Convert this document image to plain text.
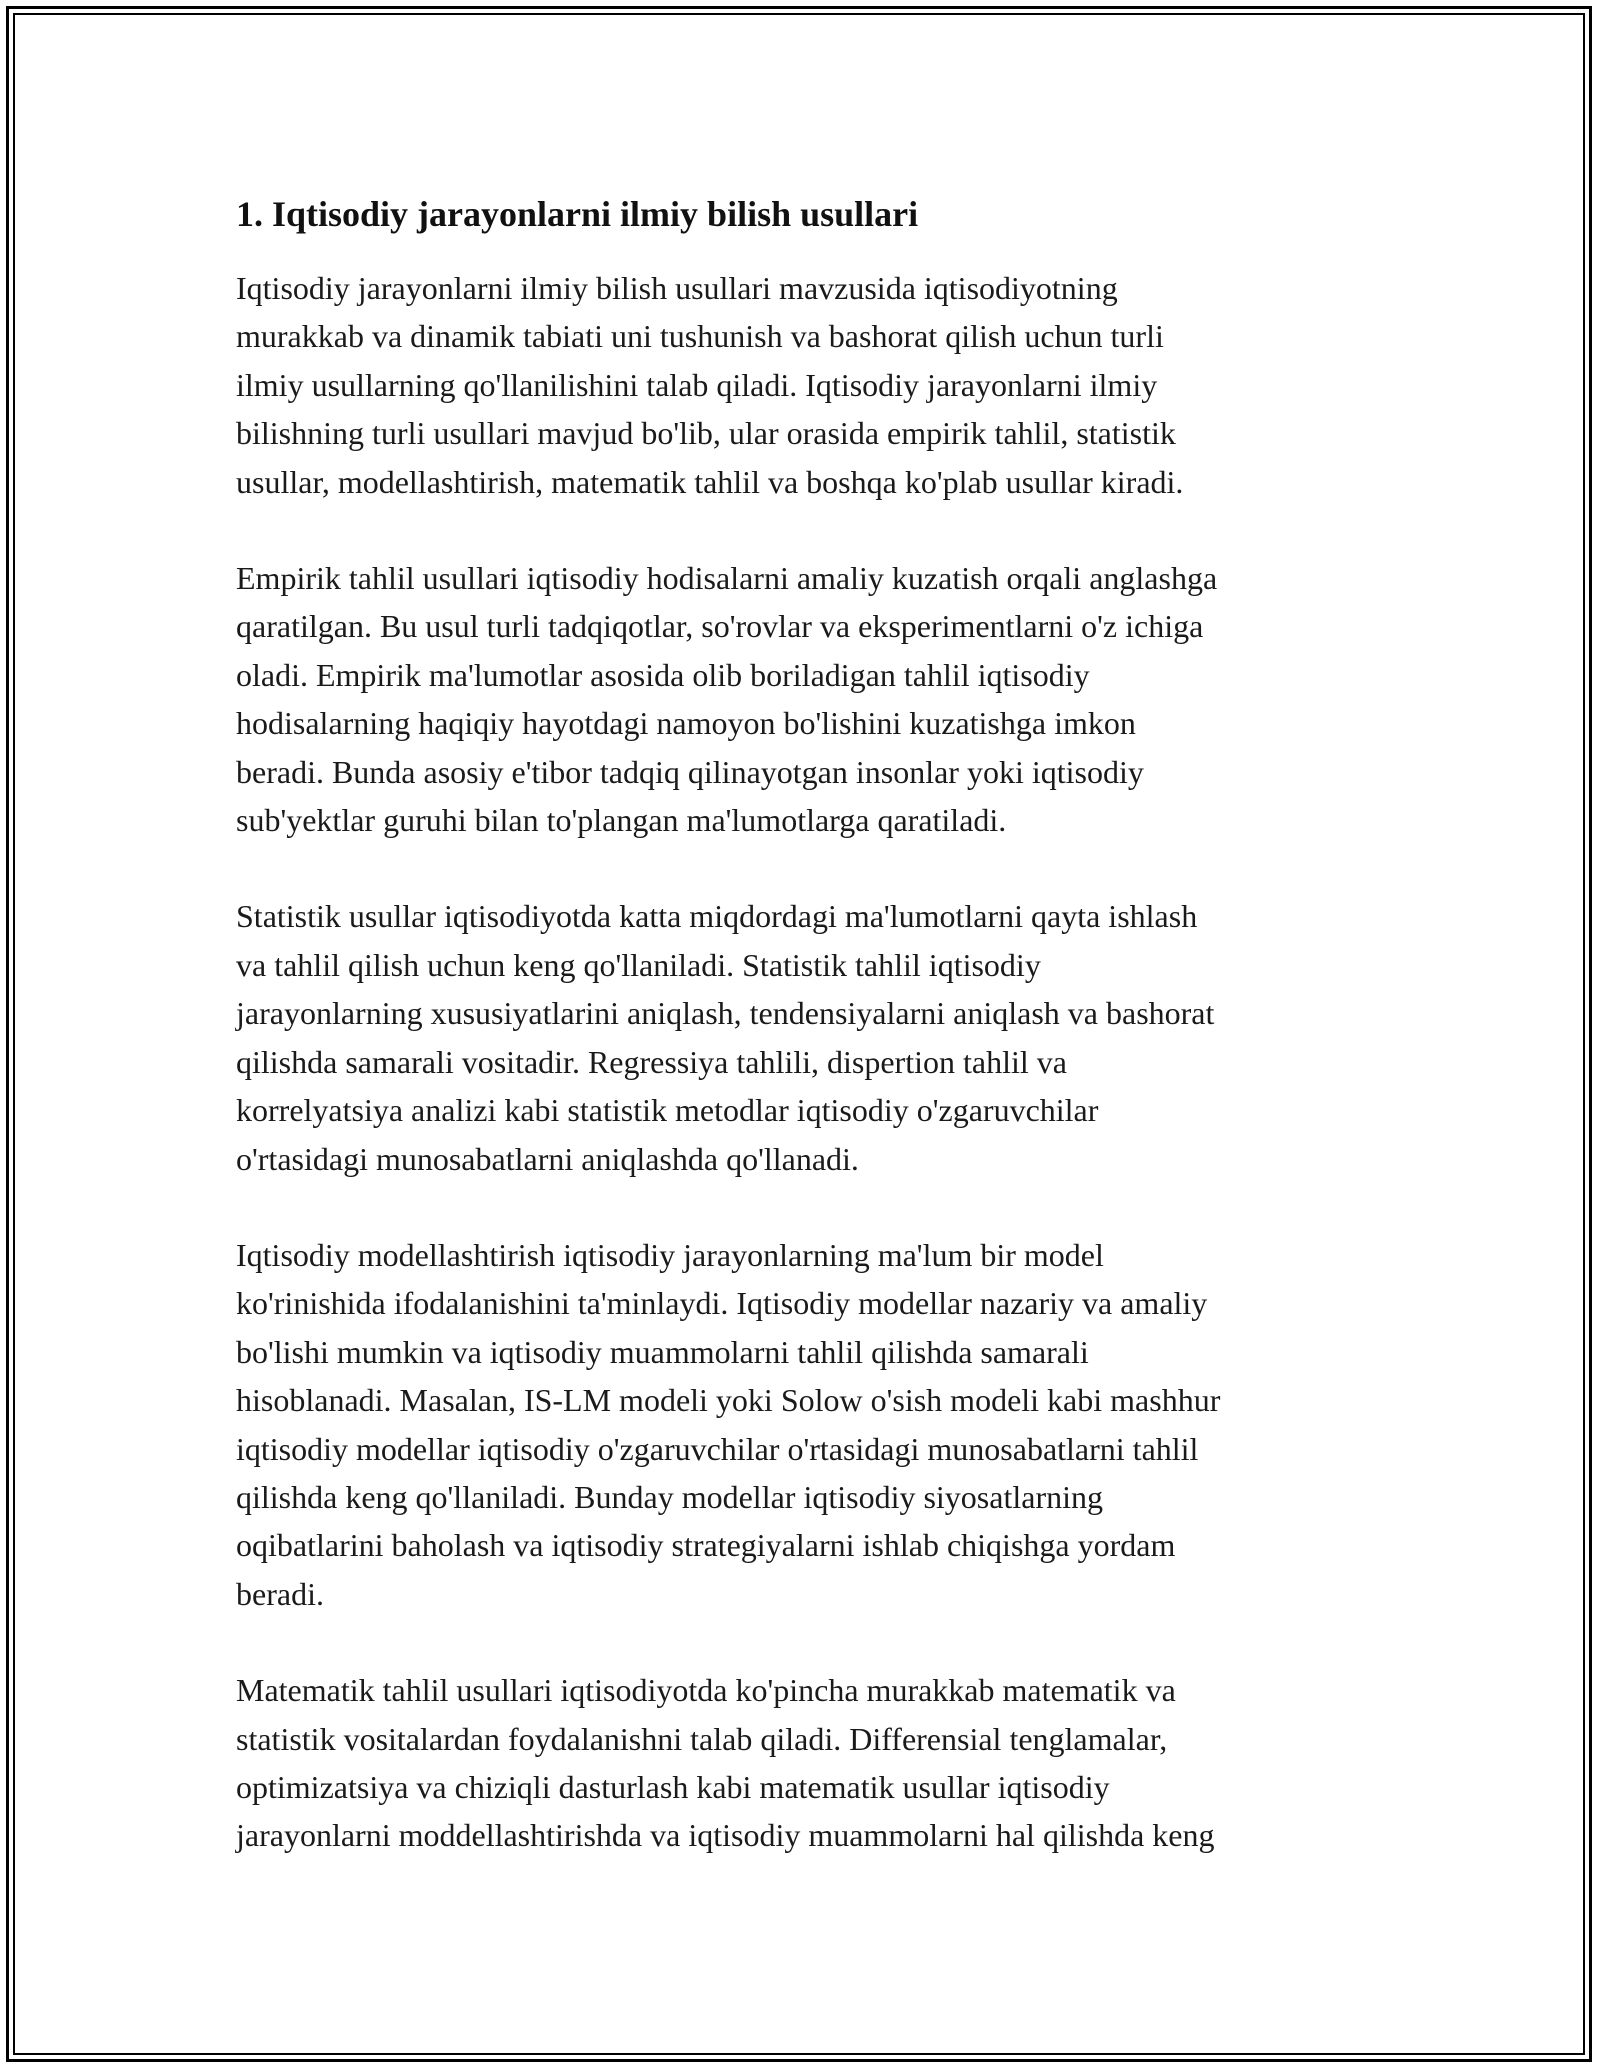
1. Iqtisodiy jarayonlarni ilmiy bilish usullari

Iqtisodiy jarayonlarni ilmiy bilish usullari mavzusida iqtisodiyotning
murakkab va dinamik tabiati uni tushunish va bashorat qilish uchun turli
ilmiy usullarning qo'llanilishini talab qiladi. Iqtisodiy jarayonlarni ilmiy
bilishning turli usullari mavjud bo'lib, ular orasida empirik tahlil, statistik
usullar, modellashtirish, matematik tahlil va boshqa ko'plab usullar kiradi.

Empirik tahlil usullari iqtisodiy hodisalarni amaliy kuzatish orqali anglashga
qaratilgan. Bu usul turli tadqiqotlar, so'rovlar va eksperimentlarni o'z ichiga
oladi. Empirik ma'lumotlar asosida olib boriladigan tahlil iqtisodiy
hodisalarning haqiqiy hayotdagi namoyon bo'lishini kuzatishga imkon
beradi. Bunda asosiy e'tibor tadqiq qilinayotgan insonlar yoki iqtisodiy
sub'yektlar guruhi bilan to'plangan ma'lumotlarga qaratiladi.

Statistik usullar iqtisodiyotda katta miqdordagi ma'lumotlarni qayta ishlash
va tahlil qilish uchun keng qo'llaniladi. Statistik tahlil iqtisodiy
jarayonlarning xususiyatlarini aniqlash, tendensiyalarni aniqlash va bashorat
qilishda samarali vositadir. Regressiya tahlili, dispertion tahlil va
korrelyatsiya analizi kabi statistik metodlar iqtisodiy o'zgaruvchilar
o'rtasidagi munosabatlarni aniqlashda qo'llanadi.

Iqtisodiy modellashtirish iqtisodiy jarayonlarning ma'lum bir model
ko'rinishida ifodalanishini ta'minlaydi. Iqtisodiy modellar nazariy va amaliy
bo'lishi mumkin va iqtisodiy muammolarni tahlil qilishda samarali
hisoblanadi. Masalan, IS-LM modeli yoki Solow o'sish modeli kabi mashhur
iqtisodiy modellar iqtisodiy o'zgaruvchilar o'rtasidagi munosabatlarni tahlil
qilishda keng qo'llaniladi. Bunday modellar iqtisodiy siyosatlarning
oqibatlarini baholash va iqtisodiy strategiyalarni ishlab chiqishga yordam
beradi.

Matematik tahlil usullari iqtisodiyotda ko'pincha murakkab matematik va
statistik vositalardan foydalanishni talab qiladi. Differensial tenglamalar,
optimizatsiya va chiziqli dasturlash kabi matematik usullar iqtisodiy
jarayonlarni moddellashtirishda va iqtisodiy muammolarni hal qilishda keng
